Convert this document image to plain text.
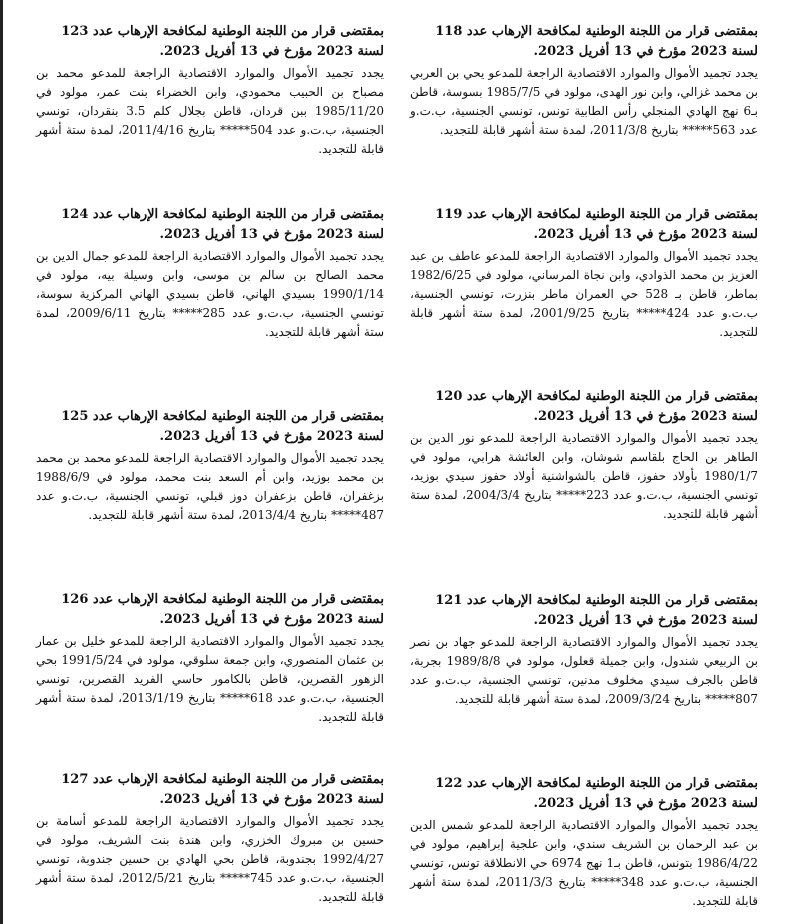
بمقتضى قرار من اللجنة الوطنية لمكافحة الإرهاب عدد 118 لسنة 2023 مؤرخ في 13 أفريل 2023.

يجدد تجميد الأموال والموارد الاقتصادية الراجعة للمدعو يحي بن العربي بن محمد غزالي، وابن نور الهدى، مولود في 1985/7/5 بسوسة، قاطن بـ6 نهج الهادي المنجلي رأس الطابية تونس، تونسي الجنسية، ب.ت.و عدد 563***** بتاريخ 2011/3/8، لمدة ستة أشهر قابلة للتجديد.

بمقتضى قرار من اللجنة الوطنية لمكافحة الإرهاب عدد 119 لسنة 2023 مؤرخ في 13 أفريل 2023.

يجدد تجميد الأموال والموارد الاقتصادية الراجعة للمدعو عاطف بن عبد العزيز بن محمد الذوادي، وابن نجاة المرساني، مولود في 1982/6/25 بماطر، قاطن بـ 528 حي العمران ماطر بنزرت، تونسي الجنسية، ب.ت.و عدد 424***** بتاريخ 2001/9/25، لمدة ستة أشهر قابلة للتجديد.

بمقتضى قرار من اللجنة الوطنية لمكافحة الإرهاب عدد 120 لسنة 2023 مؤرخ في 13 أفريل 2023.

يجدد تجميد الأموال والموارد الاقتصادية الراجعة للمدعو نور الدين بن الطاهر بن الحاج بلقاسم شوشان، وابن العائشة هرابي، مولود في 1980/1/7 بأولاد حفوز، قاطن بالشواشنية أولاد حفوز سيدي بوزيد، تونسي الجنسية، ب.ت.و عدد 223***** بتاريخ 2004/3/4، لمدة ستة أشهر قابلة للتجديد.

بمقتضى قرار من اللجنة الوطنية لمكافحة الإرهاب عدد 121 لسنة 2023 مؤرخ في 13 أفريل 2023.

يجدد تجميد الأموال والموارد الاقتصادية الراجعة للمدعو جهاد بن نصر بن الربيعي شندول، وابن جميلة قعلول، مولود في 1989/8/8 بجربة، قاطن بالجرف سيدي مخلوف مدنين، تونسي الجنسية، ب.ت.و عدد 807***** بتاريخ 2009/3/24، لمدة ستة أشهر قابلة للتجديد.

بمقتضى قرار من اللجنة الوطنية لمكافحة الإرهاب عدد 122 لسنة 2023 مؤرخ في 13 أفريل 2023.

يجدد تجميد الأموال والموارد الاقتصادية الراجعة للمدعو شمس الدين بن عبد الرحمان بن الشريف سندي، وابن علجية إبراهيم، مولود في 1986/4/22 بتونس، قاطن بـ1 نهج 6974 حي الانطلاقة تونس، تونسي الجنسية، ب.ت.و عدد 348***** بتاريخ 2011/3/3، لمدة ستة أشهر قابلة للتجديد.

بمقتضى قرار من اللجنة الوطنية لمكافحة الإرهاب عدد 123 لسنة 2023 مؤرخ في 13 أفريل 2023.

يجدد تجميد الأموال والموارد الاقتصادية الراجعة للمدعو محمد بن مصباح بن الحبيب محمودي، وابن الخضراء بنت عمر، مولود في 1985/11/20 ببن قردان، قاطن بجلال كلم 3.5 بنقردان، تونسي الجنسية، ب.ت.و عدد 504***** بتاريخ 2011/4/16، لمدة ستة أشهر قابلة للتجديد.

بمقتضى قرار من اللجنة الوطنية لمكافحة الإرهاب عدد 124 لسنة 2023 مؤرخ في 13 أفريل 2023.

يجدد تجميد الأموال والموارد الاقتصادية الراجعة للمدعو جمال الدين بن محمد الصالح بن سالم بن موسى، وابن وسيلة بيه، مولود في 1990/1/14 بسيدي الهاني، قاطن بسيدي الهاني المركزية سوسة، تونسي الجنسية، ب.ت.و عدد 285***** بتاريخ 2009/6/11، لمدة ستة أشهر قابلة للتجديد.

بمقتضى قرار من اللجنة الوطنية لمكافحة الإرهاب عدد 125 لسنة 2023 مؤرخ في 13 أفريل 2023.

يجدد تجميد الأموال والموارد الاقتصادية الراجعة للمدعو محمد بن محمد بن محمد بوزيد، وابن أم السعد بنت محمد، مولود في 1988/6/9 بزغفران، قاطن بزعفران دوز قبلي، تونسي الجنسية، ب.ت.و عدد 487***** بتاريخ 2013/4/4، لمدة ستة أشهر قابلة للتجديد.

بمقتضى قرار من اللجنة الوطنية لمكافحة الإرهاب عدد 126 لسنة 2023 مؤرخ في 13 أفريل 2023.

يجدد تجميد الأموال والموارد الاقتصادية الراجعة للمدعو خليل بن عمار بن عثمان المنصوري، وابن جمعة سلوقي، مولود في 1991/5/24 بحي الزهور القصرين، قاطن بالكامور حاسي الفريد القصرين، تونسي الجنسية، ب.ت.و عدد 618***** بتاريخ 2013/1/19، لمدة ستة أشهر قابلة للتجديد.

بمقتضى قرار من اللجنة الوطنية لمكافحة الإرهاب عدد 127 لسنة 2023 مؤرخ في 13 أفريل 2023.

يجدد تجميد الأموال والموارد الاقتصادية الراجعة للمدعو أسامة بن حسين بن مبروك الخزري، وابن هندة بنت الشريف، مولود في 1992/4/27 بجندوبة، قاطن بحي الهادي بن حسين جندوبة، تونسي الجنسية، ب.ت.و عدد 745***** بتاريخ 2012/5/21، لمدة ستة أشهر قابلة للتجديد.
